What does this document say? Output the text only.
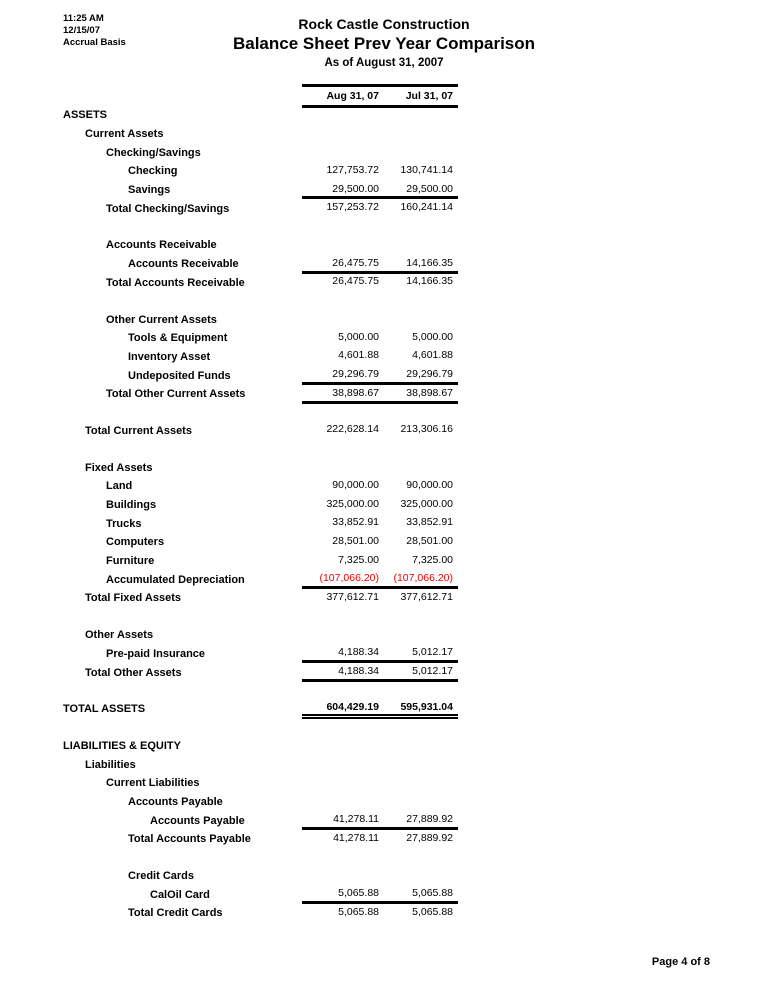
11:25 AM
12/15/07
Accrual Basis
Rock Castle Construction
Balance Sheet Prev Year Comparison
As of August 31, 2007
Aug 31, 07	Jul 31, 07
ASSETS
Current Assets
Checking/Savings
Checking	127,753.72	130,741.14
Savings	29,500.00	29,500.00
Total Checking/Savings	157,253.72	160,241.14
Accounts Receivable
Accounts Receivable	26,475.75	14,166.35
Total Accounts Receivable	26,475.75	14,166.35
Other Current Assets
Tools & Equipment	5,000.00	5,000.00
Inventory Asset	4,601.88	4,601.88
Undeposited Funds	29,296.79	29,296.79
Total Other Current Assets	38,898.67	38,898.67
Total Current Assets	222,628.14	213,306.16
Fixed Assets
Land	90,000.00	90,000.00
Buildings	325,000.00	325,000.00
Trucks	33,852.91	33,852.91
Computers	28,501.00	28,501.00
Furniture	7,325.00	7,325.00
Accumulated Depreciation	(107,066.20)	(107,066.20)
Total Fixed Assets	377,612.71	377,612.71
Other Assets
Pre-paid Insurance	4,188.34	5,012.17
Total Other Assets	4,188.34	5,012.17
TOTAL ASSETS	604,429.19	595,931.04
LIABILITIES & EQUITY
Liabilities
Current Liabilities
Accounts Payable
Accounts Payable	41,278.11	27,889.92
Total Accounts Payable	41,278.11	27,889.92
Credit Cards
CalOil Card	5,065.88	5,065.88
Total Credit Cards	5,065.88	5,065.88
Page 4 of 8
